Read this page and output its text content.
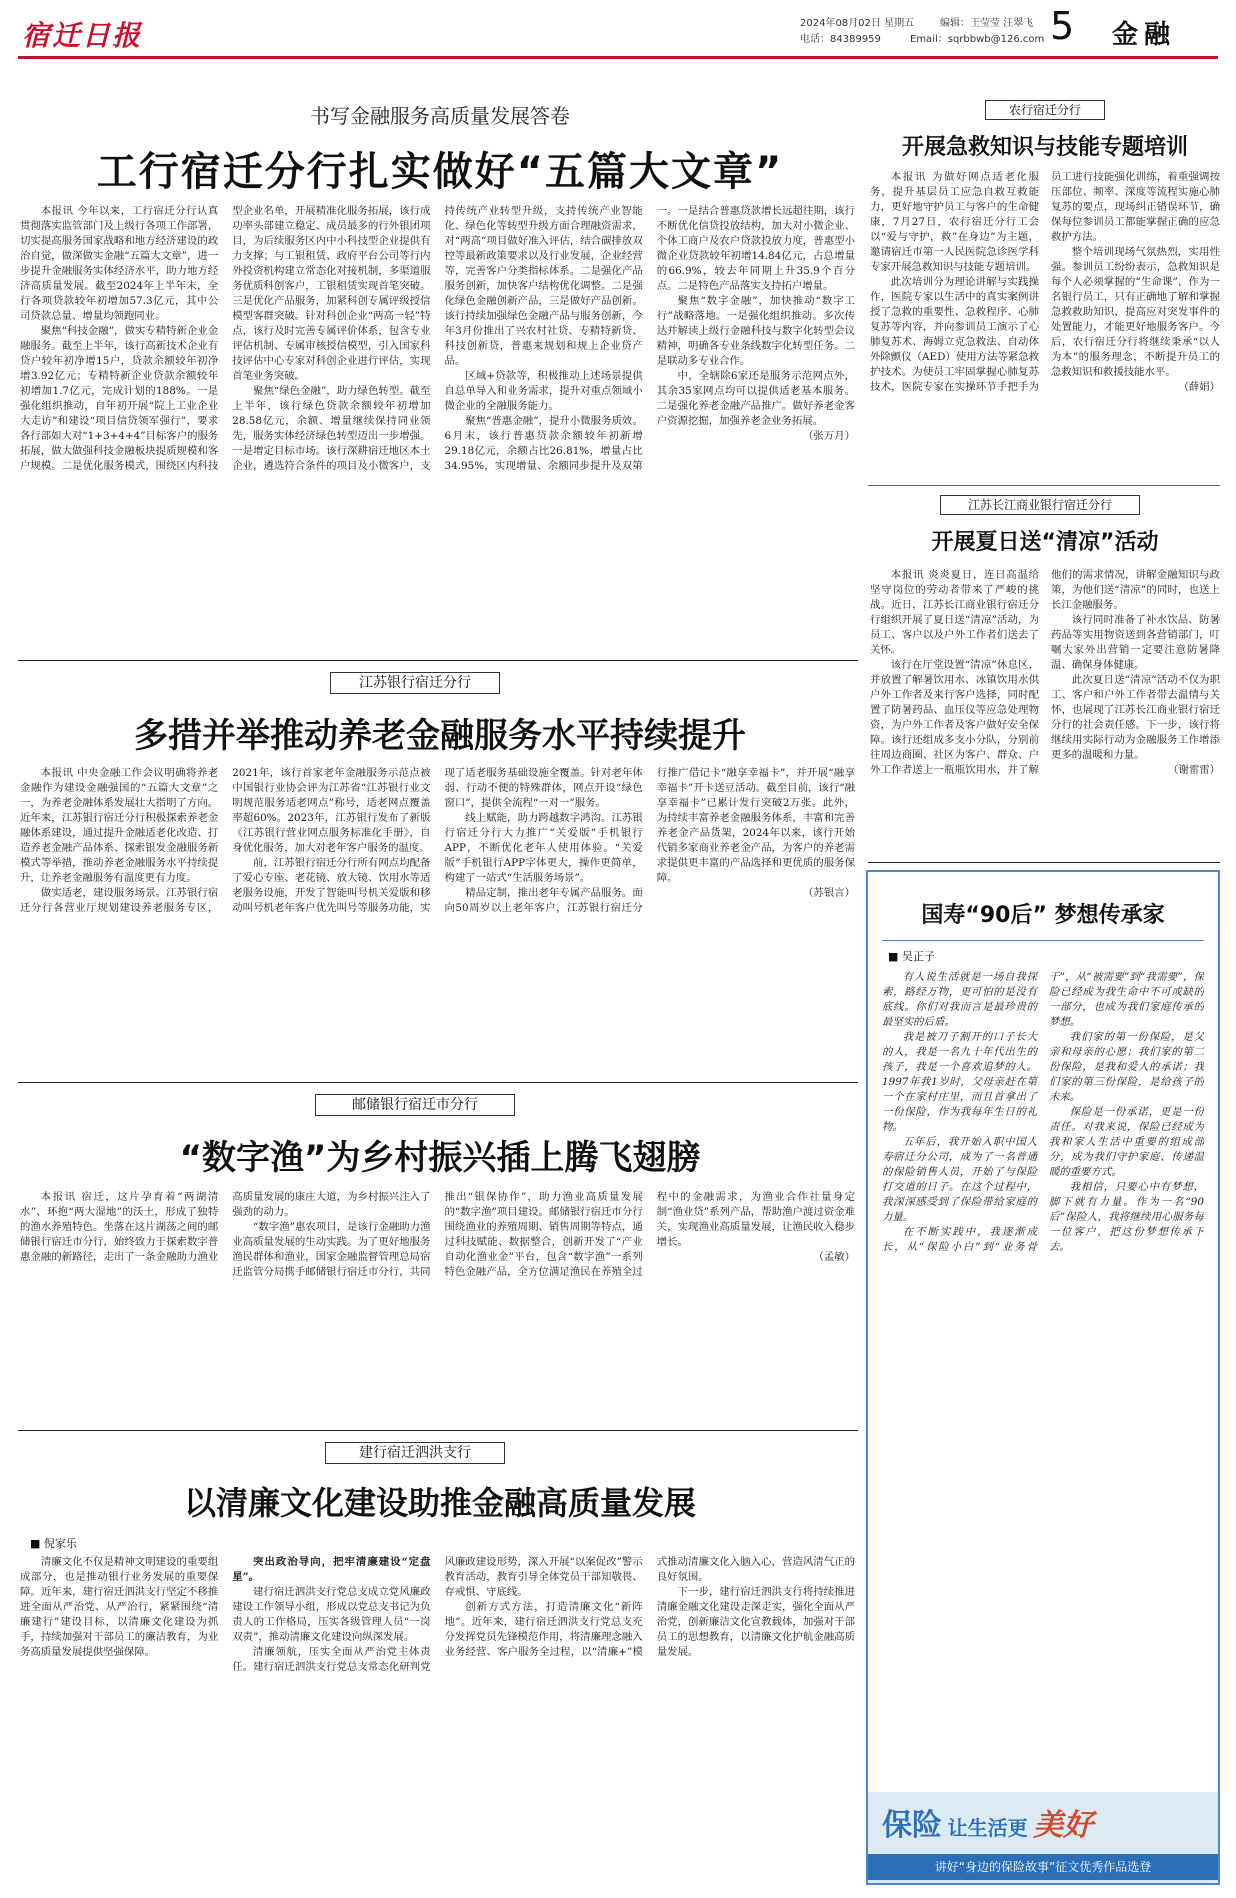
宿迁日报	2024年08月02日 星期五	编辑：王莹莹 汪翠飞
电话：84389959	Email：sqrbbwb@126.com 5 金融
书写金融服务高质量发展答卷
工行宿迁分行扎实做好“五篇大文章”

本报讯 今年以来，工行宿迁分行认真贯彻落实监管部门及上级行各项工作部署，切实提高服务国家战略和地方经济建设的政治自觉，做深做实金融“五篇大文章”，进一步提升金融服务实体经济水平，助力地方经济高质量发展。截至2024年上半年末，全行各项贷款较年初增加57.3亿元，其中公司贷款总量、增量均领跑同业。

聚焦“科技金融”，做实专精特新企业金融服务。截至上半年，该行高新技术企业有贷户较年初净增15户，贷款余额较年初净增3.92亿元；专精特新企业贷款余额较年初增加1.7亿元，完成计划的188%。一是强化组织推动，自年初开展“院上工业企业大走访”和建设“项目信贷领军强行”，要求各行部如大对“1+3+4+4”目标客户的服务拓展，做大做强科技金融板块提质规模和客户规模。二是优化服务模式，围绕区内科技型企业名单，开展精准化服务拓展，该行成功率头部建立稳定、成员最多的行外银团项目，为后续服务区内中小科技型企业提供有力支撑；与工银租赁、政府平台公司等行内外投资机构建立常态化对接机制，多渠道服务优质科创客户，工银租赁实现首笔突破。三是优化产品服务，加紧科创专属评级授信模型客群突破。针对科创企业“两高一轻”特点，该行及时完善专属评价体系，包含专业评估机制、专属审核授信模型，引入国家科技评估中心专家对科创企业进行评估，实现首笔业务突破。

聚焦“绿色金融”，助力绿色转型。截至上半年，该行绿色贷款余额较年初增加28.58亿元，余额、增量继续保持同业领先，服务实体经济绿色转型迈出一步增强。一是增定目标市场。该行深耕宿迁地区本土企业，遴选符合条件的项目及小微客户，支持传统产业转型升级，支持传统产业智能化、绿色化等转型升级方面合理融资需求，对“两高”项目做好准入评估，结合碳排放双控等最新政策要求以及行业发展，企业经营等，完善客户分类指标体系。二是强化产品服务创新，加快客户结构优化调整。二是强化绿色金融创新产品，三是做好产品创新。该行持续加强绿色金融产品与服务创新，今年3月份推出了兴农村社贷、专精特新贷、科技创新贷，普惠来规划和规上企业贷产品。

区域+贷款等，积极推动上述场景提供自总单导入和业务需求，提升对重点领域小微企业的全融服务能力。

聚焦“普惠金融”，提升小微服务质效。6月末，该行普惠贷款余额较年初新增29.18亿元，余额占比26.81%，增量占比34.95%，实现增量、余额同步提升及双第一。一是结合普惠贷款增长远超往期，该行不断优化信贷投放结构，加大对小微企业、个体工商户及农户贷款投放力度，普惠型小微企业贷款较年初增14.84亿元，占总增量的66.9%，较去年同期上升35.9个百分点。二是特色产品落实支持拓户增量。

聚焦“数字金融”，加快推动“数字工行”战略落地。一是强化组织推动。多次传达并解读上级行金融科技与数字化转型会议精神，明确各专业条线数字化转型任务。二是联动多专业合作。

中，全辖除6家还是服务示范网点外，其余35家网点均可以提供适老基本服务。二是强化养老金融产品推广。做好养老金客户资源挖掘，加强养老金业务拓展。

（张万月）

农行宿迁分行
开展急救知识与技能专题培训

本报讯 为做好网点适老化服务，提升基层员工应急自救互救能力，更好地守护员工与客户的生命健康，7月27日，农行宿迁分行工会以“爱与守护，救”在身边”为主题，邀请宿迁市第一人民医院急诊医学科专家开展急救知识与技能专题培训。

此次培训分为理论讲解与实践操作，医院专家以生活中的真实案例讲授了急救的重要性、急救程序、心肺复苏等内容，并向参训员工演示了心肺复苏术、海姆立克急救法、自动体外除颤仪（AED）使用方法等紧急救护技术。为使员工牢固掌握心肺复苏技术，医院专家在实操环节手把手为员工进行技能强化训练，着重强调按压部位、频率、深度等流程实施心肺复苏的要点，现场纠正错误环节，确保每位参训员工都能掌握正确的应急救护方法。

整个培训现场气氛热烈，实用性强。参训员工纷纷表示，急救知识是每个人必须掌握的“生命课”，作为一名银行员工，只有正确地了解和掌握急救救助知识，提高应对突发事件的处置能力，才能更好地服务客户。今后，农行宿迁分行将继续秉承“以人为本”的服务理念，不断提升员工的急救知识和救援技能水平。

（薛娟）

江苏长江商业银行宿迁分行
开展夏日送“清凉”活动

本报讯 炎炎夏日，连日高温给坚守岗位的劳动者带来了严峻的挑战。近日，江苏长江商业银行宿迁分行组织开展了夏日送“清凉”活动，为员工、客户以及户外工作者们送去了关怀。

该行在厅堂设置“清凉”休息区，并放置了解暑饮用水、冰镇饮用水供户外工作者及来行客户选择，同时配置了防暑药品、血压仪等应急处理物资，为户外工作者及客户做好安全保障。该行还组成多支小分队，分别前往周边商圈、社区为客户、群众、户外工作者送上一瓶瓶饮用水，并了解他们的需求情况，讲解金融知识与政策，为他们送“清凉”的同时，也送上长江金融服务。

该行同时准备了补水饮品、防暑药品等实用物资送到各营销部门，叮嘱大家外出营销一定要注意防暑降温、确保身体健康。

此次夏日送“清凉”活动不仅为职工、客户和户外工作者带去温情与关怀，也展现了江苏长江商业银行宿迁分行的社会责任感。下一步，该行将继续用实际行动为金融服务工作增添更多的温暖和力量。

（谢雷雷）

江苏银行宿迁分行
多措并举推动养老金融服务水平持续提升

本报讯 中央金融工作会议明确将养老金融作为建设金融强国的“五篇大文章”之一，为养老金融体系发展壮大指明了方向。近年来，江苏银行宿迁分行积极探索养老金融体系建设，通过提升金融适老化改造、打造养老金融产品体系、探索银发金融服务新模式等举措，推动养老金融服务水平持续提升，让养老金融服务有温度更有力度。

做实适老，建设服务场景。江苏银行宿迁分行各营业厅规划建设养老服务专区，2021年，该行首家老年金融服务示范点被中国银行业协会评为江苏省“江苏银行业文明规范服务适老网点”称号，适老网点覆盖率超60%。2023年，江苏银行发布了新版《江苏银行营业网点服务标准化手册》，自身优化服务，加大对老年客户服务的温度。

前，江苏银行宿迁分行所有网点均配备了爱心专座、老花镜、放大镜、饮用水等适老服务设施，开发了智能叫号机关爱版和移动叫号机老年客户优先叫号等服务功能，实现了适老服务基础设施全覆盖。针对老年体弱、行动不便的特殊群体，网点开设“绿色窗口”，提供全流程“一对一”服务。

线上赋能，助力跨越数字鸿沟。江苏银行宿迁分行大力推广“关爱版”手机银行APP，不断优化老年人使用体验。“关爱版”手机银行APP字体更大，操作更简单，构建了一站式“生活服务场景”。

精品定制，推出老年专属产品服务。面向50周岁以上老年客户，江苏银行宿迁分行推广借记卡“融享幸福卡”，并开展“融享幸福卡”开卡送豆活动。截至目前，该行“融享幸福卡”已累计发行突破2万张。此外，为持续丰富养老金融服务体系，丰富和完善养老金产品货架，2024年以来，该行开始代销多家商业养老金产品，为客户的养老需求提供更丰富的产品选择和更优质的服务保障。

（苏银言）

邮储银行宿迁市分行
“数字渔”为乡村振兴插上腾飞翅膀

本报讯 宿迁，这片孕育着“两湖清水”、环抱“两大湿地”的沃土，形成了独特的渔水养殖特色。坐落在这片湖荡之间的邮储银行宿迁市分行，始终致力于探索数字普惠金融的新路径，走出了一条金融助力渔业高质量发展的康庄大道，为乡村振兴注入了强劲的动力。

“数字渔”惠农项目，是该行金融助力渔业高质量发展的生动实践。为了更好地服务渔民群体和渔业，国家金融监督管理总局宿迁监管分局携手邮储银行宿迁市分行，共同推出“银保协作”，助力渔业高质量发展的“数字渔”项目建设。邮储银行宿迁市分行围绕渔业的养殖周期、销售周期等特点，通过科技赋能、数据整合，创新开发了“产业自动化渔业金”平台，包含“数字渔”一系列特色金融产品，全方位满足渔民在养殖全过程中的金融需求，为渔业合作社量身定制“渔业贷”系列产品，帮助渔户渡过资金难关，实现渔业高质量发展，让渔民收入稳步增长。

（孟敏）

建行宿迁泗洪支行
以清廉文化建设助推金融高质量发展
■ 倪家乐

清廉文化不仅是精神文明建设的重要组成部分，也是推动银行业务发展的重要保障。近年来，建行宿迁泗洪支行坚定不移推进全面从严治党、从严治行，紧紧围绕“清廉建行”建设目标，以清廉文化建设为抓手，持续加强对干部员工的廉洁教育，为业务高质量发展提供坚强保障。

突出政治导向，把牢清廉建设“定盘星”。

建行宿迁泗洪支行党总支成立党风廉政建设工作领导小组，形成以党总支书记为负责人的工作格局，压实各级管理人员“一岗双责”，推动清廉文化建设向纵深发展。

清廉领航，压实全面从严治党主体责任。建行宿迁泗洪支行党总支常态化研判党风廉政建设形势，深入开展“以案促改”警示教育活动，教育引导全体党员干部知敬畏、存戒惧、守底线。

创新方式方法，打造清廉文化“新阵地”。近年来，建行宿迁泗洪支行党总支充分发挥党员先锋模范作用，将清廉理念融入业务经营、客户服务全过程，以“清廉+”模式推动清廉文化入脑入心，营造风清气正的良好氛围。

下一步，建行宿迁泗洪支行将持续推进清廉金融文化建设走深走实，强化全面从严治党，创新廉洁文化宣教载体，加强对干部员工的思想教育，以清廉文化护航金融高质量发展。

国寿“90后” 梦想传承家
■ 吴正子

有人说生活就是一场自我探索，路经万物，更可怕的是没有底线。你们对我而言是最珍贵的最坚实的后盾。

我是被刀子割开的口子长大的人，我是一名九十年代出生的孩子，我是一个喜欢追梦的人。1997年我1岁时，父母亲赶在第一个在家村庄里，而且首拿出了一份保险，作为我每年生日的礼物。

五年后，我开始入职中国人寿宿迁分公司，成为了一名普通的保险销售人员，开始了与保险打交道的日子。在这个过程中，我深深感受到了保险带给家庭的力量。

在不断实践中，我逐渐成长，从“保险小白”到“业务骨干”，从“被需要”到“我需要”，保险已经成为我生命中不可或缺的一部分，也成为我们家庭传承的梦想。

我们家的第一份保险，是父亲和母亲的心愿；我们家的第二份保险，是我和爱人的承诺；我们家的第三份保险，是给孩子的未来。

保险是一份承诺，更是一份责任。对我来说，保险已经成为我和家人生活中重要的组成部分，成为我们守护家庭、传递温暖的重要方式。

我相信，只要心中有梦想，脚下就有力量。作为一名“90后”保险人，我将继续用心服务每一位客户，把这份梦想传承下去。

保险 让生活更 美好
讲好“身边的保险故事”征文优秀作品选登
